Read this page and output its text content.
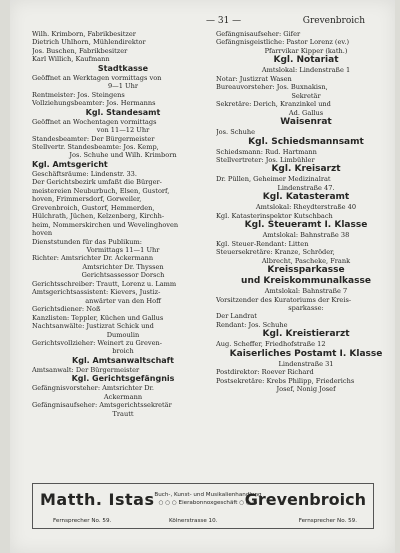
— 31 —	Grevenbroich

Wilh. Krimborn, Fabrikbesitzer

Dietrich Uhlhorn, Mühlendirektor

Jos. Buschen, Fabrikbesitzer

Karl Willich, Kaufmann

Stadtkasse

Geöffnet an Werktagen vormittags von

9—1 Uhr

Rentmeister: Jos. Steingens

Vollziehungsbeamter: Jos. Hermanns

Kgl. Standesamt

Geöffnet an Wochentagen vormittags

von 11—12 Uhr

Standesbeamter: Der Bürgermeister

Stellvertr. Standesbeamte: Jos. Kemp,

Jos. Schuhe und Wilh. Krimborn

Kgl. Amtsgericht

Geschäftsräume: Lindenstr. 33.

Der Gerichtsbezirk umfaßt die Bürger-

meistereien Neuburbuch, Elsen, Gustorf,

hoven, Frimmersdorf, Gorweiler,

Grevenbroich, Gustorf, Hemmerden,

Hülchrath, Jüchen, Kelzenberg, Kirchh-

heim, Nommerskirchen und Wevelinghoven

hoven

Dienststunden für das Publikum:

Vormittags 11—1 Uhr

Richter: Amtsrichter Dr. Ackermann

Amtsrichter Dr. Thyssen

Gerichtsassessor Dorsch

Gerichtsschreiber: Trautt, Lorenz u. Lamm

Amtsgerichtsassistent: Kievers, Justiz-

anwärter van den Hoff

Gerichtsdiener: Noß

Kanzlisten: Teppler, Küchen und Gallus

Nachtsanwälte: Justizrat Schick und

Dumoulin

Gerichtsvollzieher: Weinert zu Greven-

broich

Kgl. Amtsanwaltschaft

Amtsanwalt: Der Bürgermeister

Kgl. Gerichtsgefängnis

Gefängnisvorsteher: Amtsrichter Dr.

Ackermann

Gefängnisaufseher: Amtsgerichtssekretär

Trautt

Gefängnisaufseher: Gifer

Gefängnisgeistliche: Pastor Lorenz (ev.)

Pfarrvikar Kipper (kath.)

Kgl. Notariat

Amtslokal: Lindenstraße 1

Notar: Justizrat Wasen

Bureauvorsteher: Jos. Buxnakisn,

Sekretär

Sekretäre: Derich, Kranzinkel und

Ad. Gallus

Waisenrat

Jos. Schuhe

Kgl. Schiedsmannsamt

Schiedsmann: Rud. Hartmann

Stellvertreter: Jos. Limbühler

Kgl. Kreisarzt

Dr. Püllen, Geheimer Medizinalrat

Lindenstraße 47.

Kgl. Katasteramt

Amtslokal: Rheydterstraße 40

Kgl. Katasterinspektor Kutschbach

Kgl. Steueramt I. Klasse

Amtslokal: Bahnstraße 38

Kgl. Steuer-Rendant: Litten

Steuersekretäre: Kranze, Schröder,

Albrecht, Pascheke, Frank

Kreissparkasse

und Kreiskommunalkasse

Amtslokal: Bahnstraße 7

Vorsitzender des Kuratoriums der Kreis-

sparkasse:

Der Landrat

Rendant: Jos. Schuhe

Kgl. Kreistierarzt

Aug. Scheffer, Friedhofstraße 12

Kaiserliches Postamt I. Klasse

Lindenstraße 31

Postdirektor: Roever Richard

Postsekretäre: Krebs Philipp, Friederichs

Josef, Nonig Josef

Matth. Istas Buch-, Kunst- und Musikalienhandlung
○ ○ ○ Eierabonnoxgeschäft ○ ○ ○
Grevenbroich
Fernsprecher No. 59.	Kölnerstrasse 10.	Fernsprecher No. 59.
